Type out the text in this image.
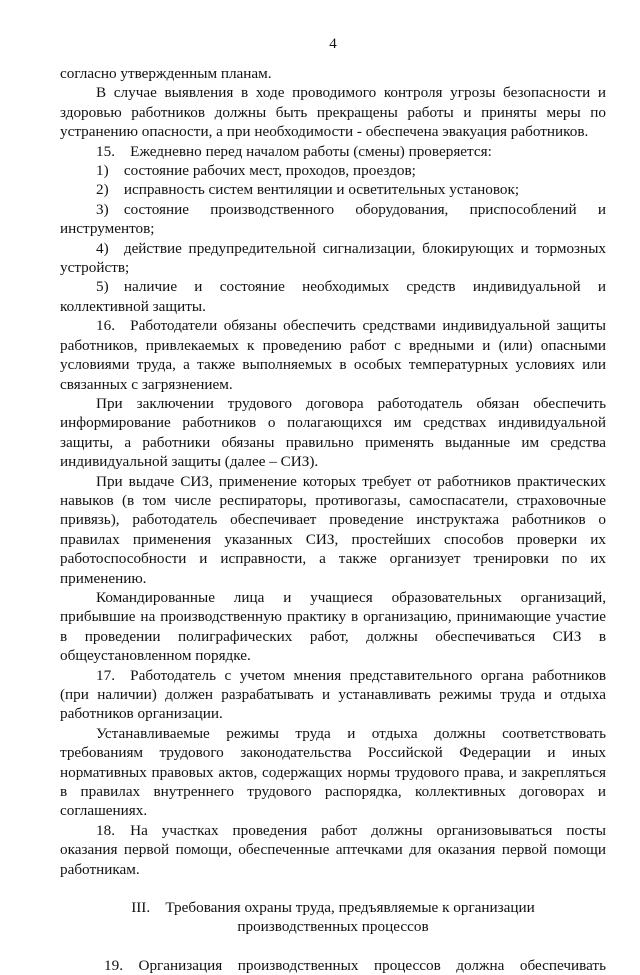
4

согласно утвержденным планам.

В случае выявления в ходе проводимого контроля угрозы безопасности и здоровью работников должны быть прекращены работы и приняты меры по устранению опасности, а при необходимости - обеспечена эвакуация работников.

15. Ежедневно перед началом работы (смены) проверяется:

1) состояние рабочих мест, проходов, проездов;

2) исправность систем вентиляции и осветительных установок;

3) состояние производственного оборудования, приспособлений и инструментов;

4) действие предупредительной сигнализации, блокирующих и тормозных устройств;

5) наличие и состояние необходимых средств индивидуальной и коллективной защиты.

16. Работодатели обязаны обеспечить средствами индивидуальной защиты работников, привлекаемых к проведению работ с вредными и (или) опасными условиями труда, а также выполняемых в особых температурных условиях или связанных с загрязнением.

При заключении трудового договора работодатель обязан обеспечить информирование работников о полагающихся им средствах индивидуальной защиты, а работники обязаны правильно применять выданные им средства индивидуальной защиты (далее – СИЗ).

При выдаче СИЗ, применение которых требует от работников практических навыков (в том числе респираторы, противогазы, самоспасатели, страховочные привязь), работодатель обеспечивает проведение инструктажа работников о правилах применения указанных СИЗ, простейших способов проверки их работоспособности и исправности, а также организует тренировки по их применению.

Командированные лица и учащиеся образовательных организаций, прибывшие на производственную практику в организацию, принимающие участие в проведении полиграфических работ, должны обеспечиваться СИЗ в общеустановленном порядке.

17. Работодатель с учетом мнения представительного органа работников (при наличии) должен разрабатывать и устанавливать режимы труда и отдыха работников организации.

Устанавливаемые режимы труда и отдыха должны соответствовать требованиям трудового законодательства Российской Федерации и иных нормативных правовых актов, содержащих нормы трудового права, и закрепляться в правилах внутреннего трудового распорядка, коллективных договорах и соглашениях.

18. На участках проведения работ должны организовываться посты оказания первой помощи, обеспеченные аптечками для оказания первой помощи работникам.

III. Требования охраны труда, предъявляемые к организации
производственных процессов
19. Организация производственных процессов должна обеспечивать
